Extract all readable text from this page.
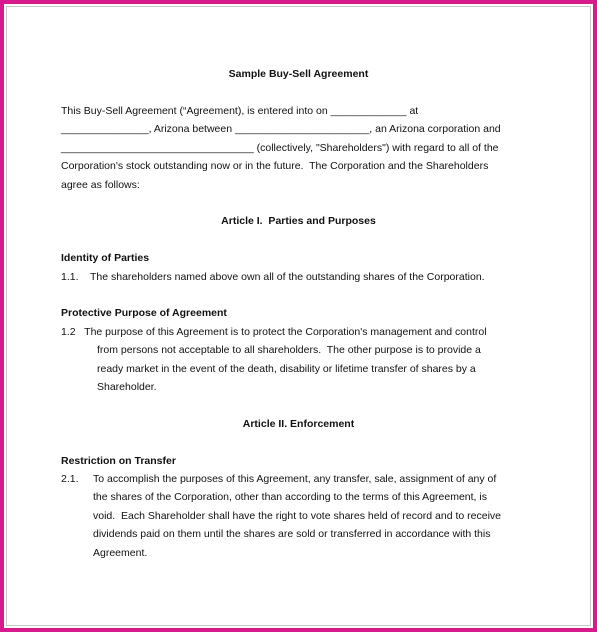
Sample Buy-Sell Agreement

This Buy-Sell Agreement (“Agreement), is entered into on _____________ at

_______________, Arizona between _______________________, an Arizona corporation and

_________________________________ (collectively, "Shareholders") with regard to all of the

Corporation's stock outstanding now or in the future.  The Corporation and the Shareholders

agree as follows:

Article I.  Parties and Purposes

Identity of Parties

1.1.    The shareholders named above own all of the outstanding shares of the Corporation.

Protective Purpose of Agreement

1.2   The purpose of this Agreement is to protect the Corporation's management and control

from persons not acceptable to all shareholders.  The other purpose is to provide a

ready market in the event of the death, disability or lifetime transfer of shares by a

Shareholder.

Article II. Enforcement

Restriction on Transfer

2.1. To accomplish the purposes of this Agreement, any transfer, sale, assignment of any of

the shares of the Corporation, other than according to the terms of this Agreement, is

void.  Each Shareholder shall have the right to vote shares held of record and to receive

dividends paid on them until the shares are sold or transferred in accordance with this

Agreement.
